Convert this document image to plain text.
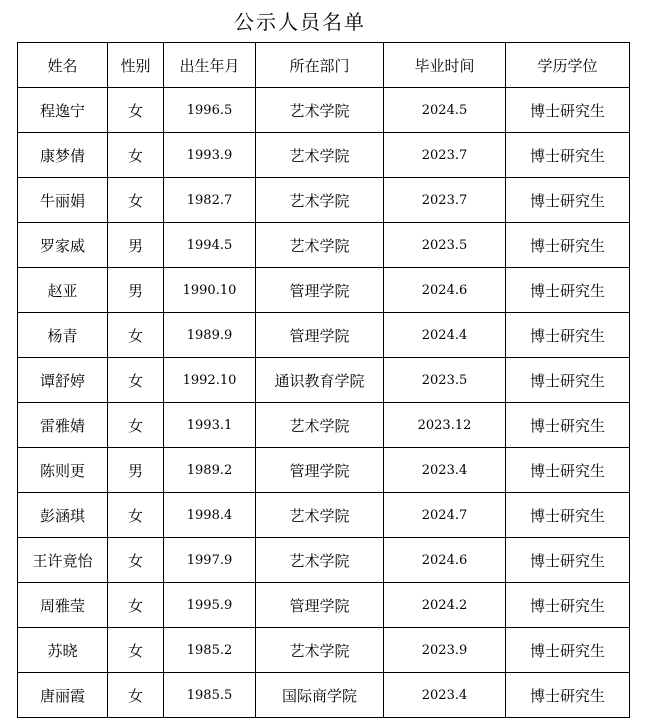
公示人员名单
姓名	性别	出生年月	所在部门	毕业时间	学历学位
程逸宁	女	1996.5	艺术学院	2024.5	博士研究生
康梦倩	女	1993.9	艺术学院	2023.7	博士研究生
牛丽娟	女	1982.7	艺术学院	2023.7	博士研究生
罗家威	男	1994.5	艺术学院	2023.5	博士研究生
赵亚	男	1990.10	管理学院	2024.6	博士研究生
杨青	女	1989.9	管理学院	2024.4	博士研究生
谭舒婷	女	1992.10	通识教育学院	2023.5	博士研究生
雷雅婧	女	1993.1	艺术学院	2023.12	博士研究生
陈则更	男	1989.2	管理学院	2023.4	博士研究生
彭涵琪	女	1998.4	艺术学院	2024.7	博士研究生
王许竟怡	女	1997.9	艺术学院	2024.6	博士研究生
周雅莹	女	1995.9	管理学院	2024.2	博士研究生
苏晓	女	1985.2	艺术学院	2023.9	博士研究生
唐丽霞	女	1985.5	国际商学院	2023.4	博士研究生
